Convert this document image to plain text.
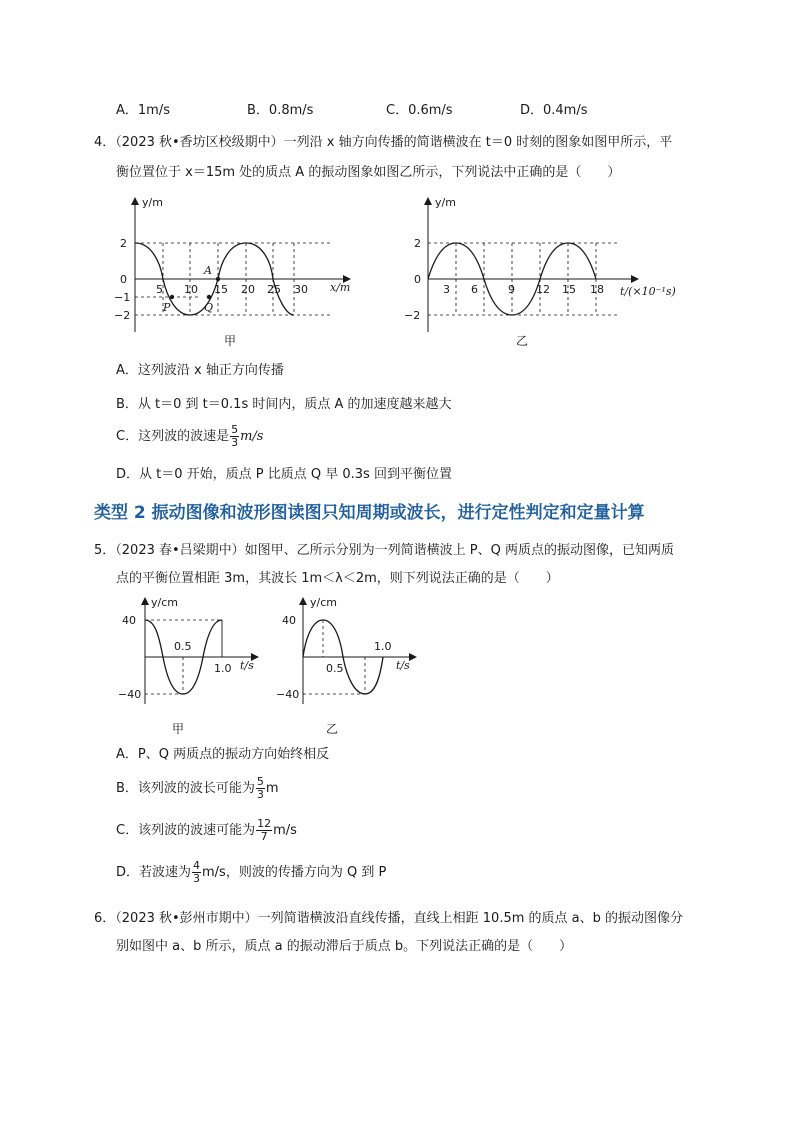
A．1m/s	B．0.8m/s	C．0.6m/s	D．0.4m/s
4．（2023 秋•香坊区校级期中）一列沿 x 轴方向传播的简谐横波在 t＝0 时刻的图象如图甲所示，平
衡位置位于 x＝15m 处的质点 A 的振动图象如图乙所示，下列说法中正确的是（　　）
y/m
2
0
−1
−2
5 10 15 20 25 30 x/m
A
P	Q
甲
y/m
2
0
−2
3 6	9 12 15 18 t/(×10⁻¹s)
乙
A．这列波沿 x 轴正方向传播
B．从 t＝0 到 t＝0.1s 时间内，质点 A 的加速度越来越大
C．这列波的波速是 $\frac{5}{3} m/s$
D．从 t＝0 开始，质点 P 比质点 Q 早 0.3s 回到平衡位置
类型 2 振动图像和波形图读图只知周期或波长，进行定性判定和定量计算
5．（2023 春•吕梁期中）如图甲、乙所示分别为一列简谐横波上 P、Q 两质点的振动图像，已知两质
点的平衡位置相距 3m，其波长 1m＜λ＜2m，则下列说法正确的是（　　）
y/cm
40
−40
0.5
1.0 t/s
甲
y/cm
40
−40
0.5
1.0
t/s
乙
A．P、Q 两质点的振动方向始终相反
B．该列波的波长可能为 $\frac{5}{3}$ m
C．该列波的波速可能为 $\frac{12}{7} m/s$
D．若波速为 $\frac{4}{3} m/s$，则波的传播方向为 Q 到 P
6．（2023 秋•彭州市期中）一列简谐横波沿直线传播，直线上相距 10.5m 的质点 a、b 的振动图像分
别如图中 a、b 所示，质点 a 的振动滞后于质点 b。下列说法正确的是（　　）
